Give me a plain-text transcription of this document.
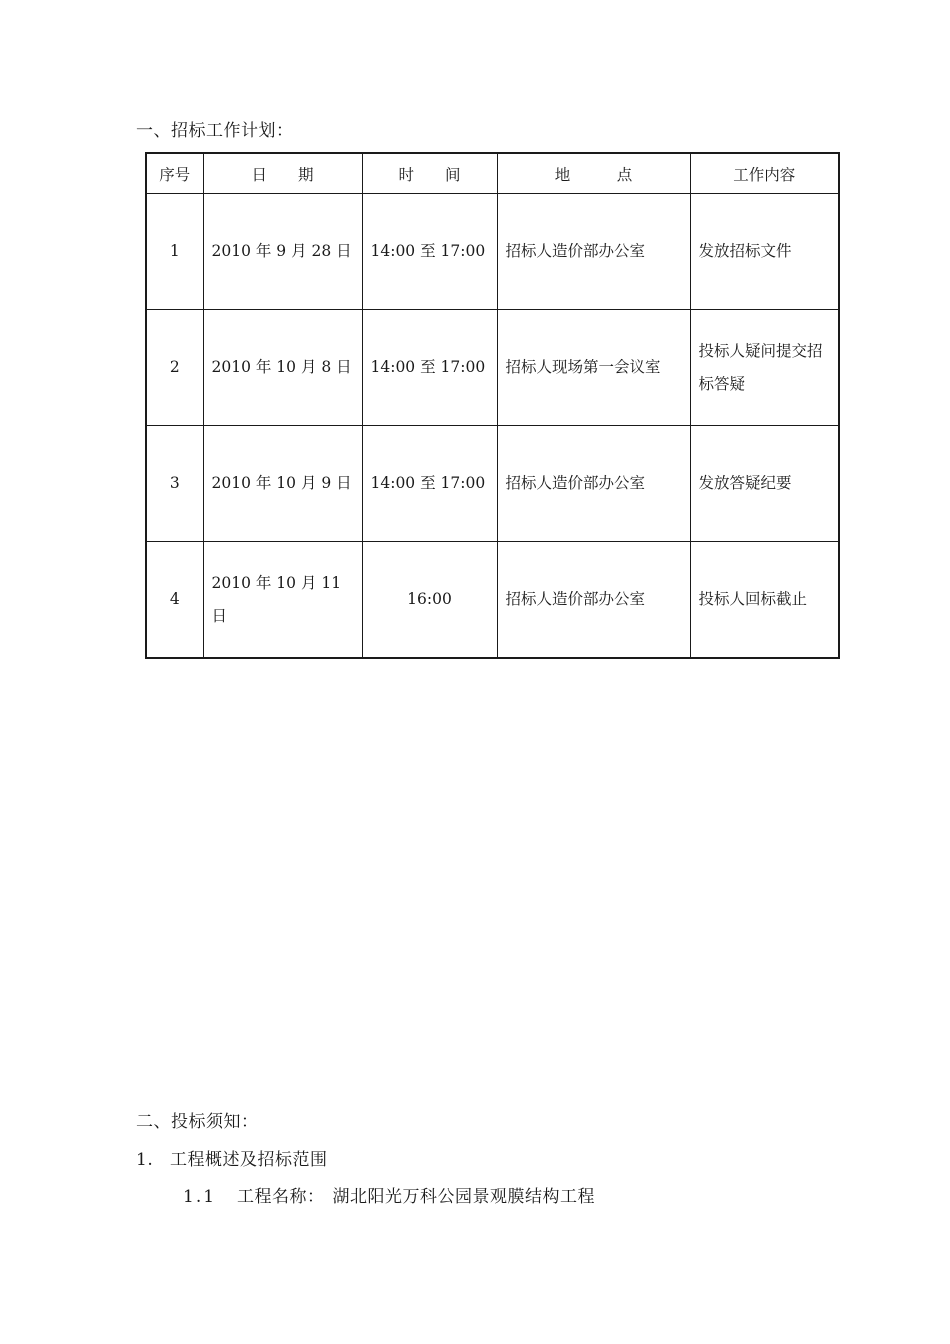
一、招标工作计划：
序号	日　　期	时　　间	地　　　点	工作内容
1	2010 年 9 月 28 日	14:00 至 17:00	招标人造价部办公室	发放招标文件
2	2010 年 10 月 8 日	14:00 至 17:00	招标人现场第一会议室	投标人疑问提交招标答疑
3	2010 年 10 月 9 日	14:00 至 17:00	招标人造价部办公室	发放答疑纪要
4	2010 年 10 月 11 日	16:00	招标人造价部办公室	投标人回标截止
二、投标须知：
1. 工程概述及招标范围
1.1 工程名称： 湖北阳光万科公园景观膜结构工程
